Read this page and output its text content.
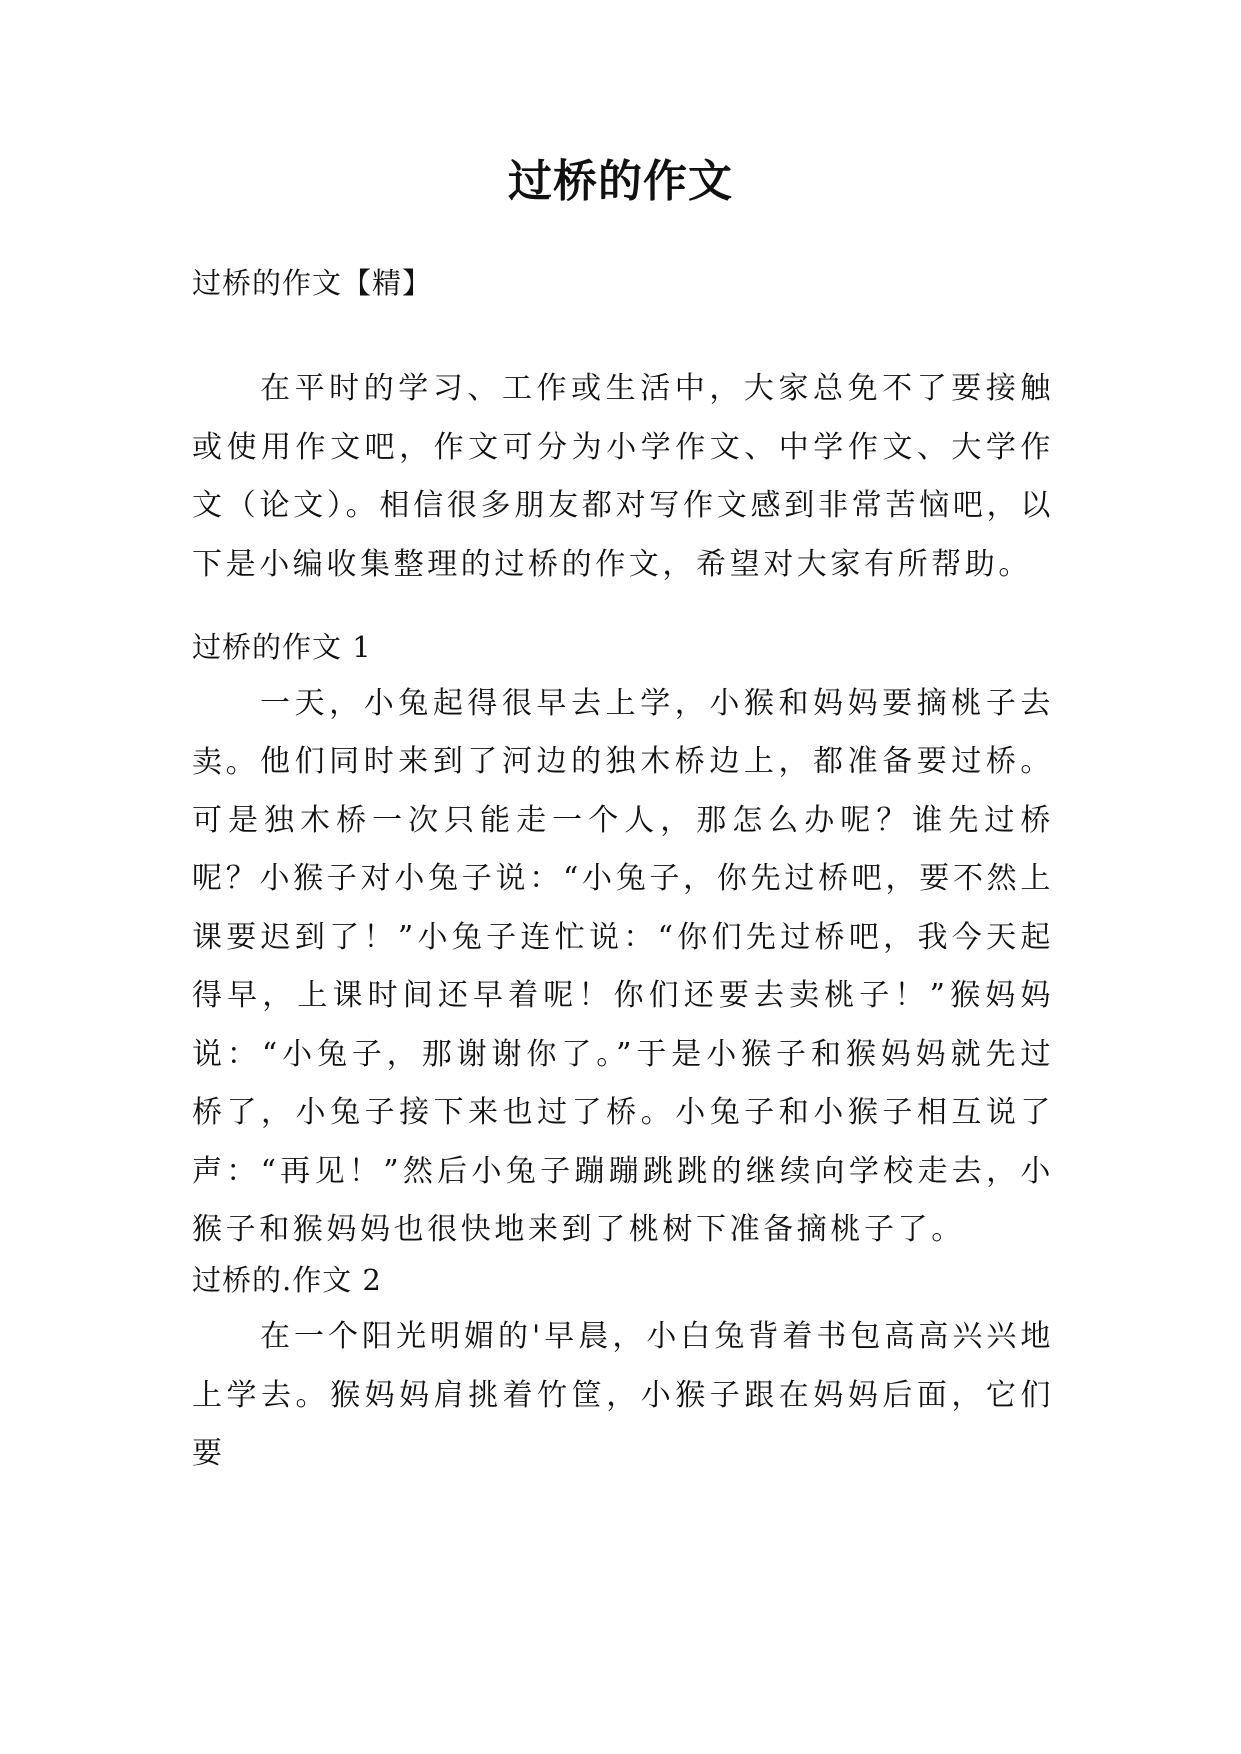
过桥的作文
过桥的作文【精】
在平时的学习、工作或生活中，大家总免不了要接触或使用作文吧，作文可分为小学作文、中学作文、大学作文（论文）。相信很多朋友都对写作文感到非常苦恼吧，以下是小编收集整理的过桥的作文，希望对大家有所帮助。
过桥的作文 1
一天，小兔起得很早去上学，小猴和妈妈要摘桃子去卖。 他们同时来到了河边的独木桥边上，都准备要过桥。可是独木桥一次只能走一个人，那怎么办呢？谁先过桥呢？小猴子对小兔子说：“小兔子，你先过桥吧，要不然上课要迟到了！”小兔子连忙说：“你们先过桥吧，我今天起得早，上课时间还早着呢！你们还要去卖桃子！”猴妈妈说：“小兔子，那谢谢你了。”于是小猴子和猴妈妈就先过桥了，小兔子接下来也过了桥。小兔子和小猴子相互说了声：“再见！”然后小兔子蹦蹦跳跳的继续向学校走去，小猴子和猴妈妈也很快地来到了桃树下准备摘桃子了。
过桥的.作文 2
在一个阳光明媚的'早晨，小白兔背着书包高高兴兴地上学去。猴妈妈肩挑着竹筐，小猴子跟在妈妈后面，它们要
